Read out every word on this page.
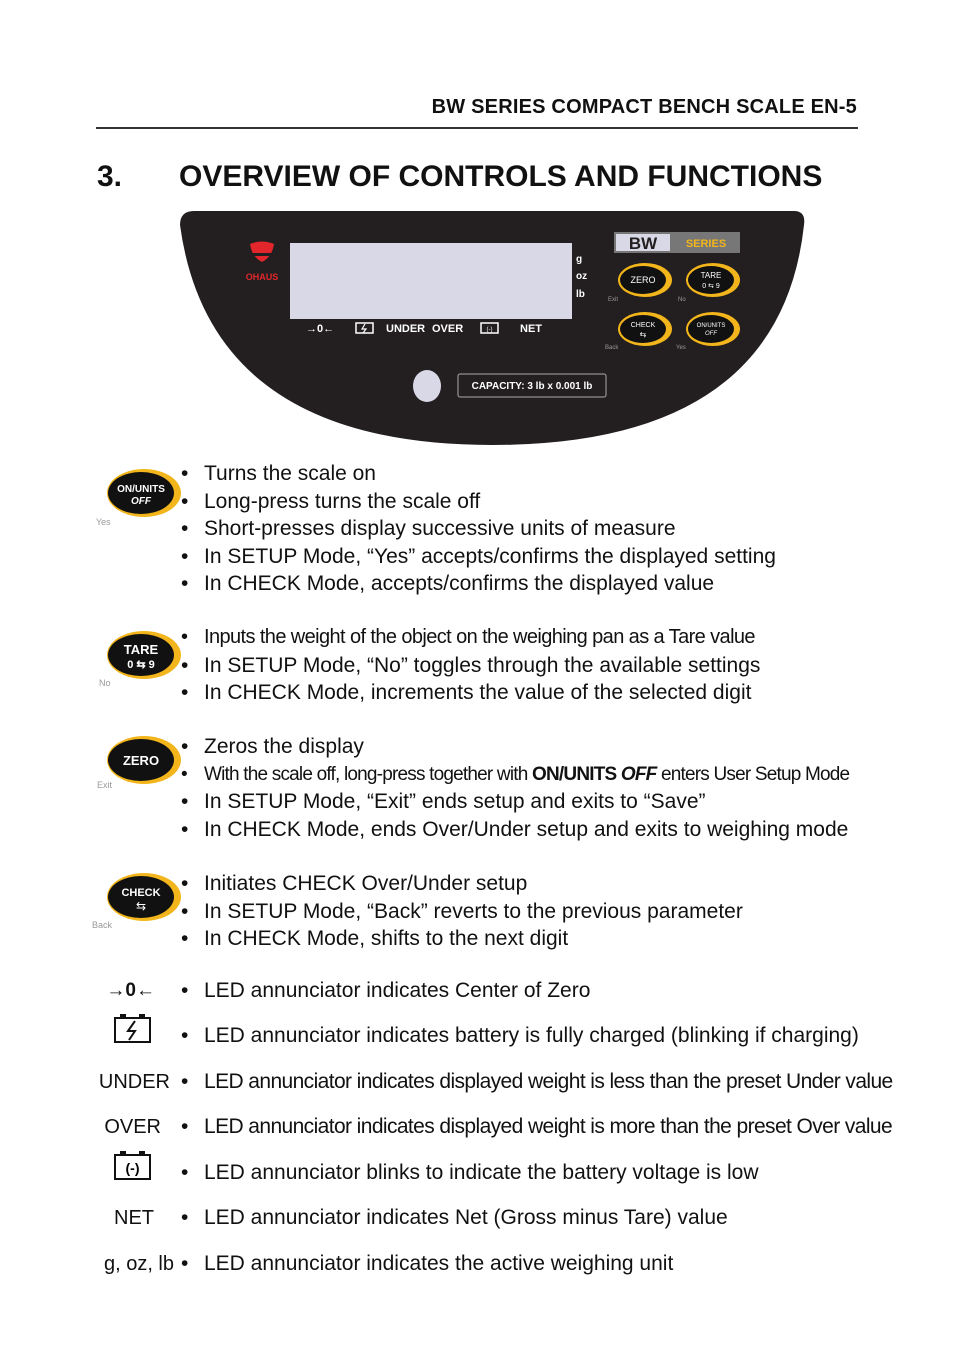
BW SERIES COMPACT BENCH SCALE EN-5
3. OVERVIEW OF CONTROLS AND FUNCTIONS
OHAUS
g
oz
lb
→0←	UNDER OVER	(-)	NET
CAPACITY: 3 lb x 0.001 lb
BW	SERIES
ZERO
Exit
TARE
0 ⇆ 9
No
CHECK
⇆
Back
ON/UNITS
OFF
Yes
ON/UNITS
OFF
Yes
• Turns the scale on
• Long-press turns the scale off
• Short-presses display successive units of measure
• In SETUP Mode, “Yes” accepts/confirms the displayed setting
• In CHECK Mode, accepts/confirms the displayed value
TARE
0 ⇆ 9
No
• Inputs the weight of the object on the weighing pan as a Tare value
• In SETUP Mode, “No” toggles through the available settings
• In CHECK Mode, increments the value of the selected digit
ZERO
Exit
• Zeros the display
• With the scale off, long-press together with ON/UNITS OFF enters User Setup Mode
• In SETUP Mode, “Exit” ends setup and exits to “Save”
• In CHECK Mode, ends Over/Under setup and exits to weighing mode
CHECK
⇆
Back
• Initiates CHECK Over/Under setup
• In SETUP Mode, “Back” reverts to the previous parameter
• In CHECK Mode, shifts to the next digit
→0← • LED annunciator indicates Center of Zero
• LED annunciator indicates battery is fully charged (blinking if charging)
UNDER • LED annunciator indicates displayed weight is less than the preset Under value
OVER • LED annunciator indicates displayed weight is more than the preset Over value
(-) • LED annunciator blinks to indicate the battery voltage is low
NET • LED annunciator indicates Net (Gross minus Tare) value
g, oz, lb • LED annunciator indicates the active weighing unit
